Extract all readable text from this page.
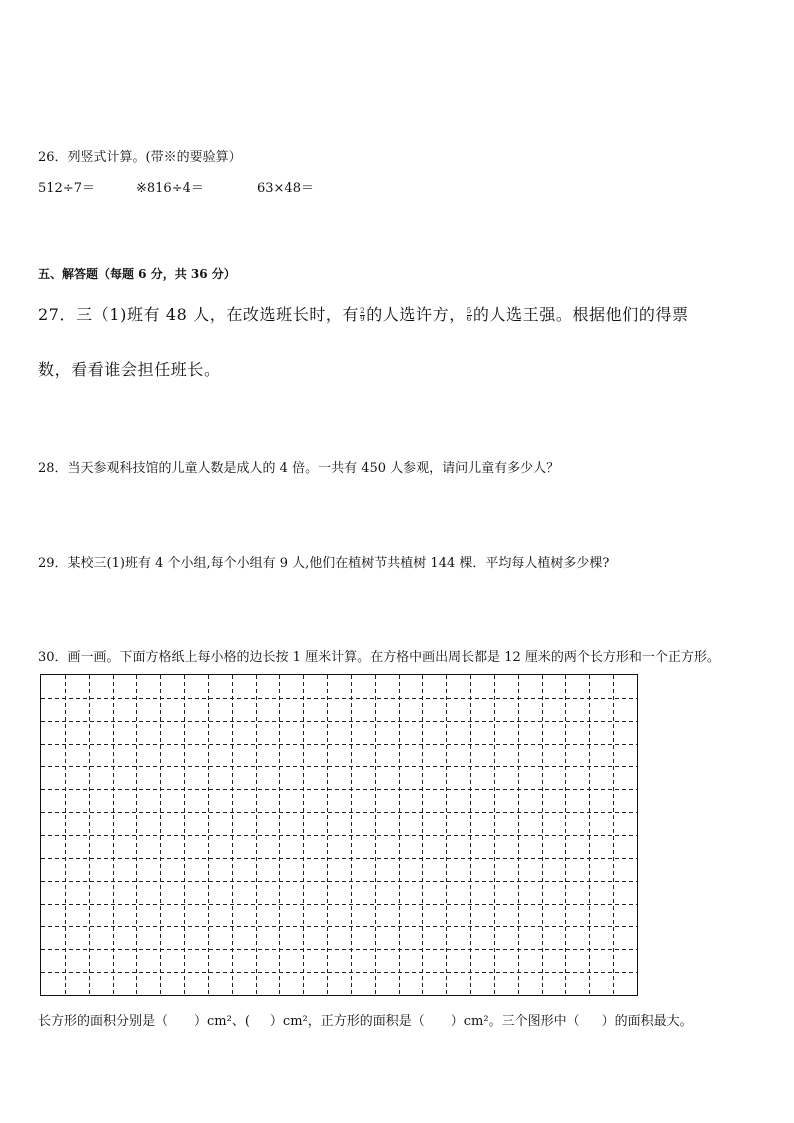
26．列竖式计算。(带※的要验算）
512÷7＝	※816÷4＝	63×48＝
五、解答题（每题 6 分，共 36 分）
27．三（1)班有 48 人，在改选班长时，有 $\frac{2}{9}$ 的人选许方， $\frac{5}{6}$ 的人选王强。根据他们的得票
数，看看谁会担任班长。
28．当天参观科技馆的儿童人数是成人的 4 倍。一共有 450 人参观，请问儿童有多少人？
29．某校三(1)班有 4 个小组,每个小组有 9 人,他们在植树节共植树 144 棵．平均每人植树多少棵?
30．画一画。下面方格纸上每小格的边长按 1 厘米计算。在方格中画出周长都是 12 厘米的两个长方形和一个正方形。
长方形的面积分别是（ ）cm²、( ）cm²，正方形的面积是（ ）cm²。三个图形中（ ）的面积最大。
